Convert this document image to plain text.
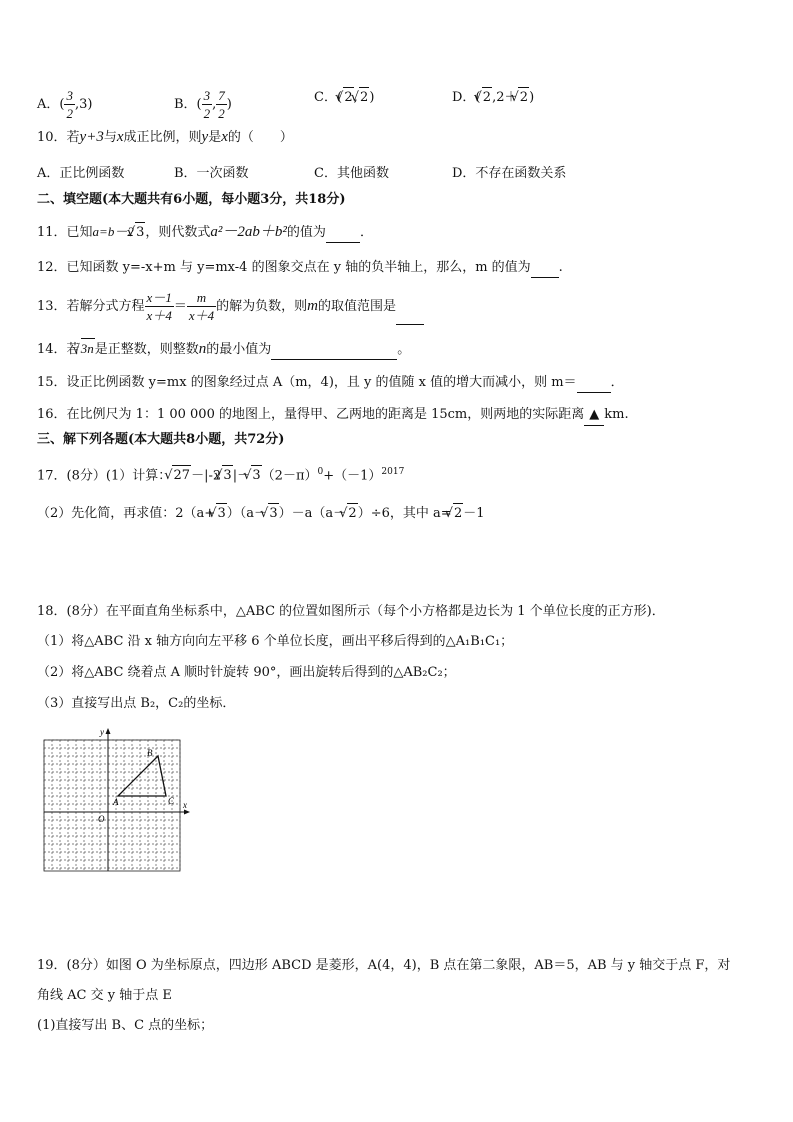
A．( $\frac{3}{2} ,3$)	B．( $\frac{3}{2}$ , $\frac{7}{2}$ )	C．( √ 2, √ 2)	D．( √ 2,2＋ √ 2)
10．若y+3与x成正比例，则y是x的（　　）
A．正比例函数	B．一次函数	C．其他函数	D．不存在函数关系
二、填空题(本大题共有6小题，每小题3分，共18分)
11．已知a=b－2 √ 3，则代数式a²－2ab＋b²的值为	．
12．已知函数 y=-x+m 与 y=mx-4 的图象交点在 y 轴的负半轴上，那么，m 的值为 .
13．若解分式方程 $\frac{x-1}{x+4} = \frac{m}{x+4}$ 的解为负数，则m的取值范围是
14．若√ 3n是正整数，则整数n的最小值为	。
15．设正比例函数 y=mx 的图象经过点 A（m，4)，且 y 的值随 x 值的增大而减小，则 m＝	．
16．在比例尺为 1：1 00 000 的地图上，量得甲、乙两地的距离是 15cm，则两地的实际距离 ▲ km.
三、解下列各题(本大题共8小题，共72分)
17．(8分）(1）计算： √ 27－|-2 √ 3|－ √ $3(2-\pi)^0+(-1)^{2017}$
（2）先化简，再求值：2（a+ √ 3）（a－ √ 3）－a（a－ √ 2）÷6，其中 a= √ 2－1
18．(8分）在平面直角坐标系中，△ABC 的位置如图所示（每个小方格都是边长为 1 个单位长度的正方形)．
（1）将△ABC 沿 x 轴方向向左平移 6 个单位长度，画出平移后得到的△A₁B₁C₁；
（2）将△ABC 绕着点 A 顺时针旋转 90°，画出旋转后得到的△AB₂C₂；
（3）直接写出点 B₂，C₂的坐标．
y
x
O
A
B
C
19．(8分）如图 O 为坐标原点，四边形 ABCD 是菱形，A(4，4)，B 点在第二象限，AB＝5，AB 与 y 轴交于点 F，对
角线 AC 交 y 轴于点 E
(1)直接写出 B、C 点的坐标；
